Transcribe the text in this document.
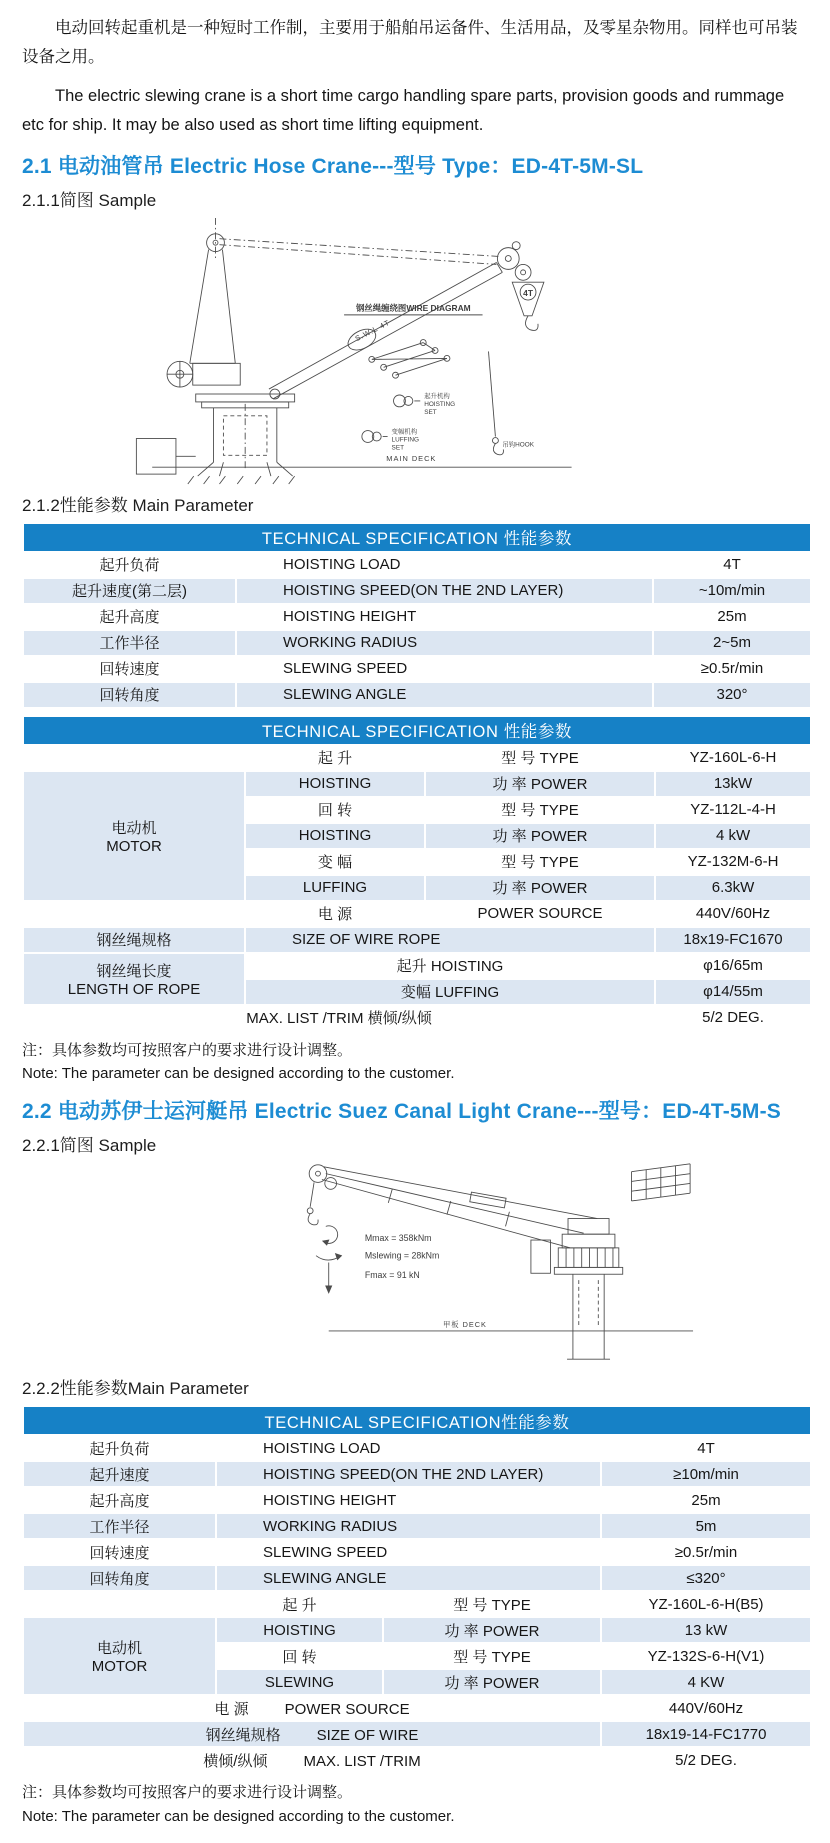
电动回转起重机是一种短时工作制，主要用于船舶吊运备件、生活用品，及零星杂物用。同样也可吊装设备之用。

The electric slewing crane is a short time cargo handling spare parts, provision goods and rummage etc for ship. It may be also used as short time lifting equipment.

2.1 电动油管吊 Electric Hose Crane---型号 Type：ED-4T-5M-SL
2.1.1简图 Sample
S.W.L 4T
4T
钢丝绳缠绕图WIRE DIAGRAM
起升机构
HOISTING
SET
变幅机构
LUFFING
SET	吊钩HOOK
MAIN DECK
2.1.2性能参数 Main Parameter
TECHNICAL SPECIFICATION 性能参数		
起升负荷	HOISTING LOAD	4T
起升速度(第二层)	HOISTING SPEED(ON THE 2ND LAYER)	~10m/min
起升高度	HOISTING HEIGHT	25m
工作半径	WORKING RADIUS	2~5m
回转速度	SLEWING SPEED	≥0.5r/min
回转角度	SLEWING ANGLE	320°
TECHNICAL SPECIFICATION 性能参数			
	起 升	型 号 TYPE	YZ-160L-6-H

电动机
MOTOR	HOISTING	功 率 POWER	13kW
	回 转	型 号 TYPE	YZ-112L-4-H
	HOISTING	功 率 POWER	4 kW
	变 幅	型 号 TYPE	YZ-132M-6-H
	LUFFING	功 率 POWER	6.3kW
	电 源	POWER SOURCE	440V/60Hz
钢丝绳规格	SIZE OF WIRE ROPE		18x19-FC1670

钢丝绳长度
LENGTH OF ROPE	起升 HOISTING		φ16/65m
	变幅 LUFFING		φ14/55m
MAX. LIST /TRIM 横倾/纵倾			5/2 DEG.

注：具体参数均可按照客户的要求进行设计调整。

Note: The parameter can be designed according to the customer.

2.2 电动苏伊士运河艇吊 Electric Suez Canal Light Crane---型号：ED-4T-5M-S
2.2.1简图 Sample
Mmax = 358kNm
Mslewing = 28kNm
Fmax = 91 kN
甲板 DECK
2.2.2性能参数Main Parameter
TECHNICAL SPECIFICATION性能参数			
起升负荷	HOISTING LOAD		4T
起升速度	HOISTING SPEED(ON THE 2ND LAYER)		≥10m/min
起升高度	HOISTING HEIGHT		25m
工作半径	WORKING RADIUS		5m
回转速度	SLEWING SPEED		≥0.5r/min
回转角度	SLEWING ANGLE		≤320°
	起 升	型 号 TYPE	YZ-160L-6-H(B5)

电动机
MOTOR	HOISTING	功 率 POWER	13 kW
	回 转	型 号 TYPE	YZ-132S-6-H(V1)
	SLEWING	功 率 POWER	4 KW
电 源 POWER SOURCE			440V/60Hz
钢丝绳规格 SIZE OF WIRE			18x19-14-FC1770
横倾/纵倾 MAX. LIST /TRIM			5/2 DEG.

注：具体参数均可按照客户的要求进行设计调整。

Note: The parameter can be designed according to the customer.
